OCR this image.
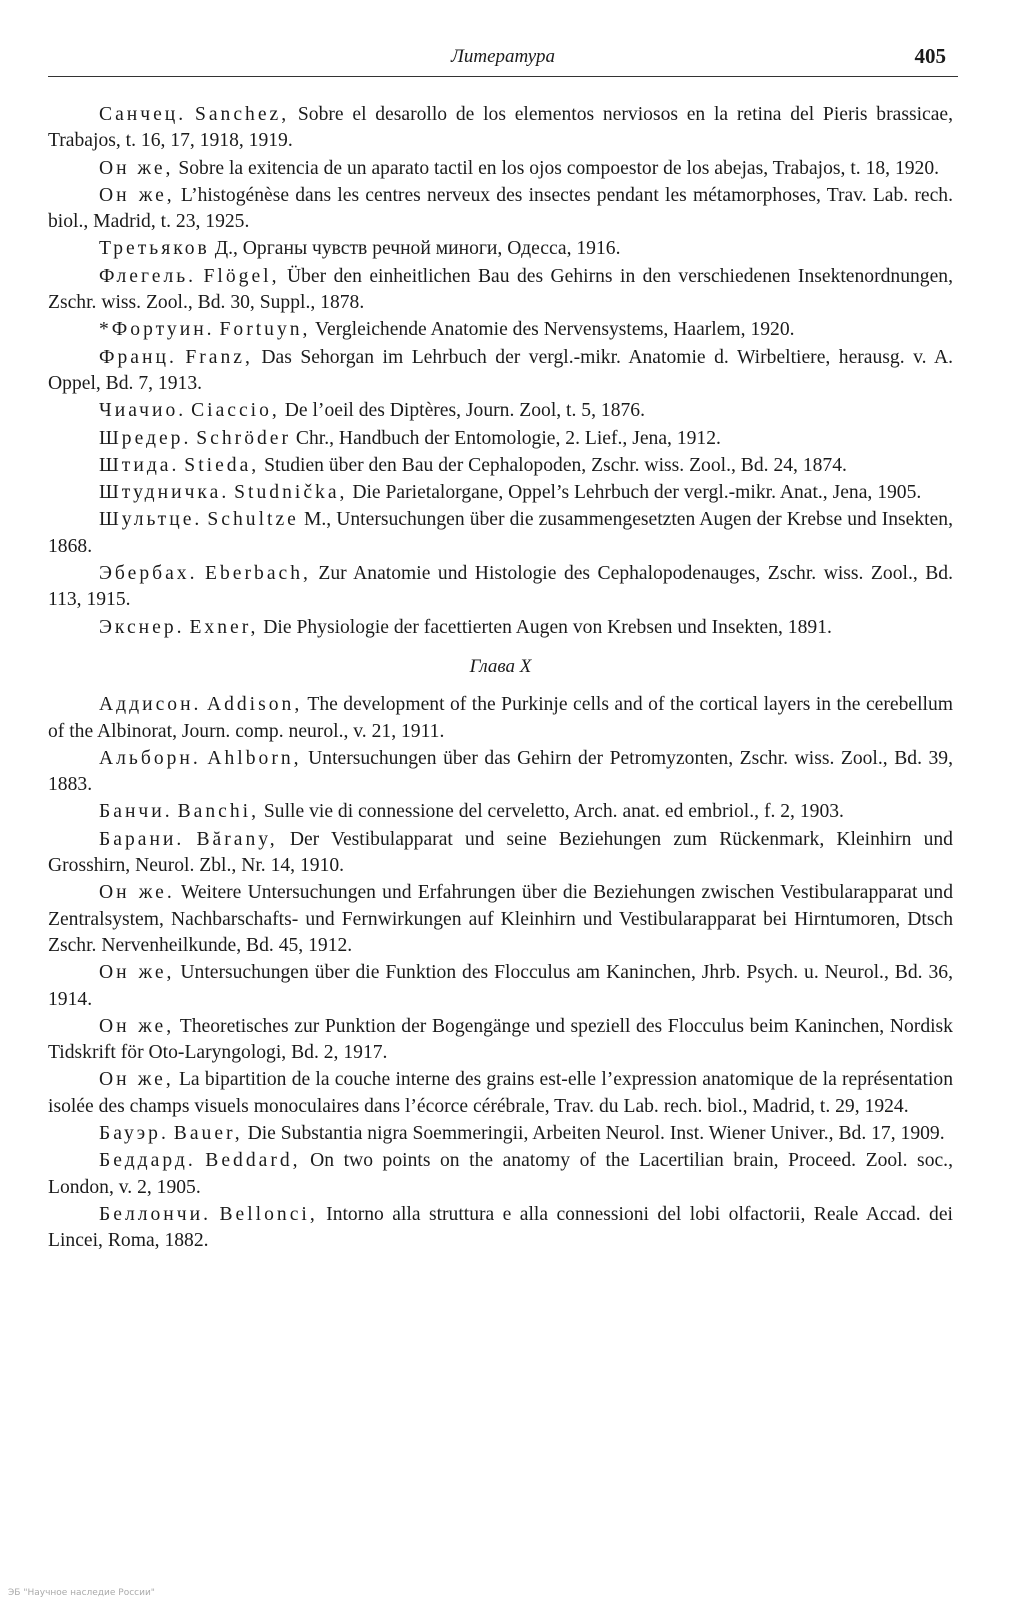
Литература	405

Санчец. Sanchez, Sobre el desarollo de los elementos nerviosos en la retina del Pieris brassicae, Trabajos, t. 16, 17, 1918, 1919.

Он же, Sobre la exitencia de un aparato tactil en los ojos compoestor de los abejas, Trabajos, t. 18, 1920.

Он же, L’histogénèse dans les centres nerveux des insectes pendant les métamorphoses, Trav. Lab. rech. biol., Madrid, t. 23, 1925.

Третьяков Д., Органы чувств речной миноги, Одесса, 1916.

Флегель. Flögel, Über den einheitlichen Bau des Gehirns in den verschiedenen Insektenordnungen, Zschr. wiss. Zool., Bd. 30, Suppl., 1878.

*Фортуин. Fortuyn, Vergleichende Anatomie des Nervensystems, Haarlem, 1920.

Франц. Franz, Das Sehorgan im Lehrbuch der vergl.-mikr. Anatomie d. Wirbeltiere, herausg. v. A. Oppel, Bd. 7, 1913.

Чиачио. Ciaccio, De l’oeil des Diptères, Journ. Zool, t. 5, 1876.

Шредер. Schröder Chr., Handbuch der Entomologie, 2. Lief., Jena, 1912.

Штида. Stieda, Studien über den Bau der Cephalopoden, Zschr. wiss. Zool., Bd. 24, 1874.

Штудничка. Studnička, Die Parietalorgane, Oppel’s Lehrbuch der vergl.-mikr. Anat., Jena, 1905.

Шультце. Schultze M., Untersuchungen über die zusammengesetzten Augen der Krebse und Insekten, 1868.

Эбербах. Eberbach, Zur Anatomie und Histologie des Cephalopodenauges, Zschr. wiss. Zool., Bd. 113, 1915.

Экснер. Exner, Die Physiologie der facettierten Augen von Krebsen und Insekten, 1891.

Глава X

Аддисон. Addison, The development of the Purkinje cells and of the cortical layers in the cerebellum of the Albinorat, Journ. comp. neurol., v. 21, 1911.

Альборн. Ahlborn, Untersuchungen über das Gehirn der Petromyzonten, Zschr. wiss. Zool., Bd. 39, 1883.

Банчи. Banchi, Sulle vie di connessione del cerveletto, Arch. anat. ed embriol., f. 2, 1903.

Барани. Bărany, Der Vestibulapparat und seine Beziehungen zum Rückenmark, Kleinhirn und Grosshirn, Neurol. Zbl., Nr. 14, 1910.

Он же. Weitere Untersuchungen und Erfahrungen über die Beziehungen zwischen Vestibularapparat und Zentralsystem, Nachbarschafts- und Fernwirkungen auf Kleinhirn und Vestibularapparat bei Hirntumoren, Dtsch Zschr. Nervenheilkunde, Bd. 45, 1912.

Он же, Untersuchungen über die Funktion des Flocculus am Kaninchen, Jhrb. Psych. u. Neurol., Bd. 36, 1914.

Он же, Theoretisches zur Punktion der Bogengänge und speziell des Flocculus beim Kaninchen, Nordisk Tidskrift för Oto-Laryngologi, Bd. 2, 1917.

Он же, La bipartition de la couche interne des grains est-elle l’expression anatomique de la représentation isolée des champs visuels monoculaires dans l’écorce cérébrale, Trav. du Lab. rech. biol., Madrid, t. 29, 1924.

Бауэр. Bauer, Die Substantia nigra Soemmeringii, Arbeiten Neurol. Inst. Wiener Univer., Bd. 17, 1909.

Беддард. Beddard, On two points on the anatomy of the Lacertilian brain, Proceed. Zool. soc., London, v. 2, 1905.

Беллончи. Bellonci, Intorno alla struttura e alla connessioni del lobi olfactorii, Reale Accad. dei Lincei, Roma, 1882.

ЭБ "Научное наследие России"
